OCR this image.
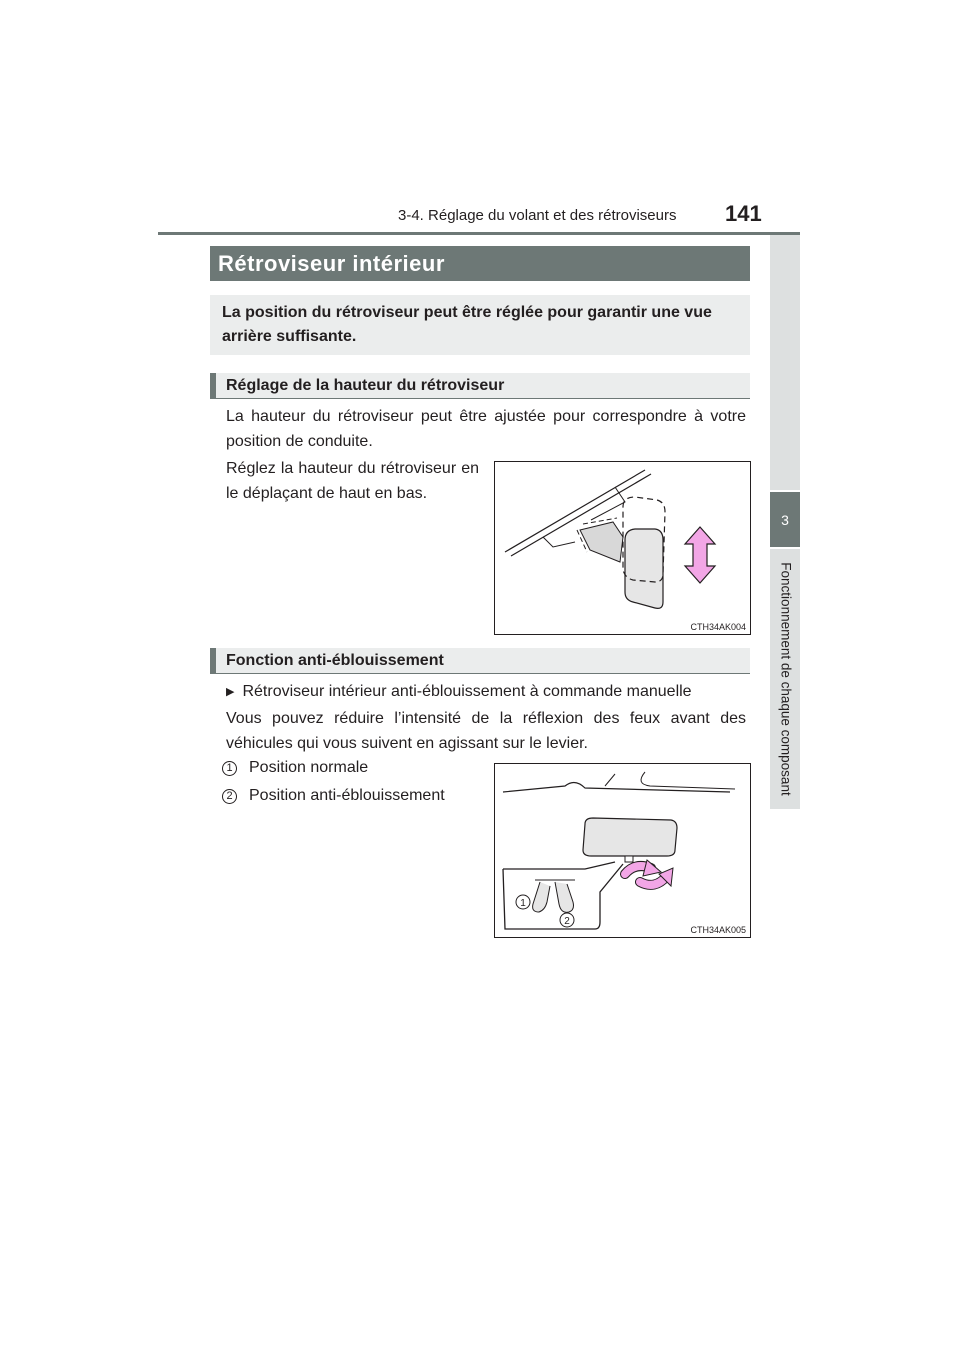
3-4. Réglage du volant et des rétroviseurs 141
3
Fonctionnement de chaque composant
Rétroviseur intérieur
La position du rétroviseur peut être réglée pour garantir une vue arrière suffisante.
Réglage de la hauteur du rétroviseur
La hauteur du rétroviseur peut être ajustée pour correspondre à votre position de conduite.
Réglez la hauteur du rétroviseur en le déplaçant de haut en bas.
CTH34AK004
Fonction anti-éblouissement
▶ Rétroviseur intérieur anti-éblouissement à commande manuelle
Vous pouvez réduire l’intensité de la réflexion des feux avant des véhicules qui vous suivent en agissant sur le levier.
1 Position normale
2 Position anti-éblouissement
1
2
CTH34AK005
